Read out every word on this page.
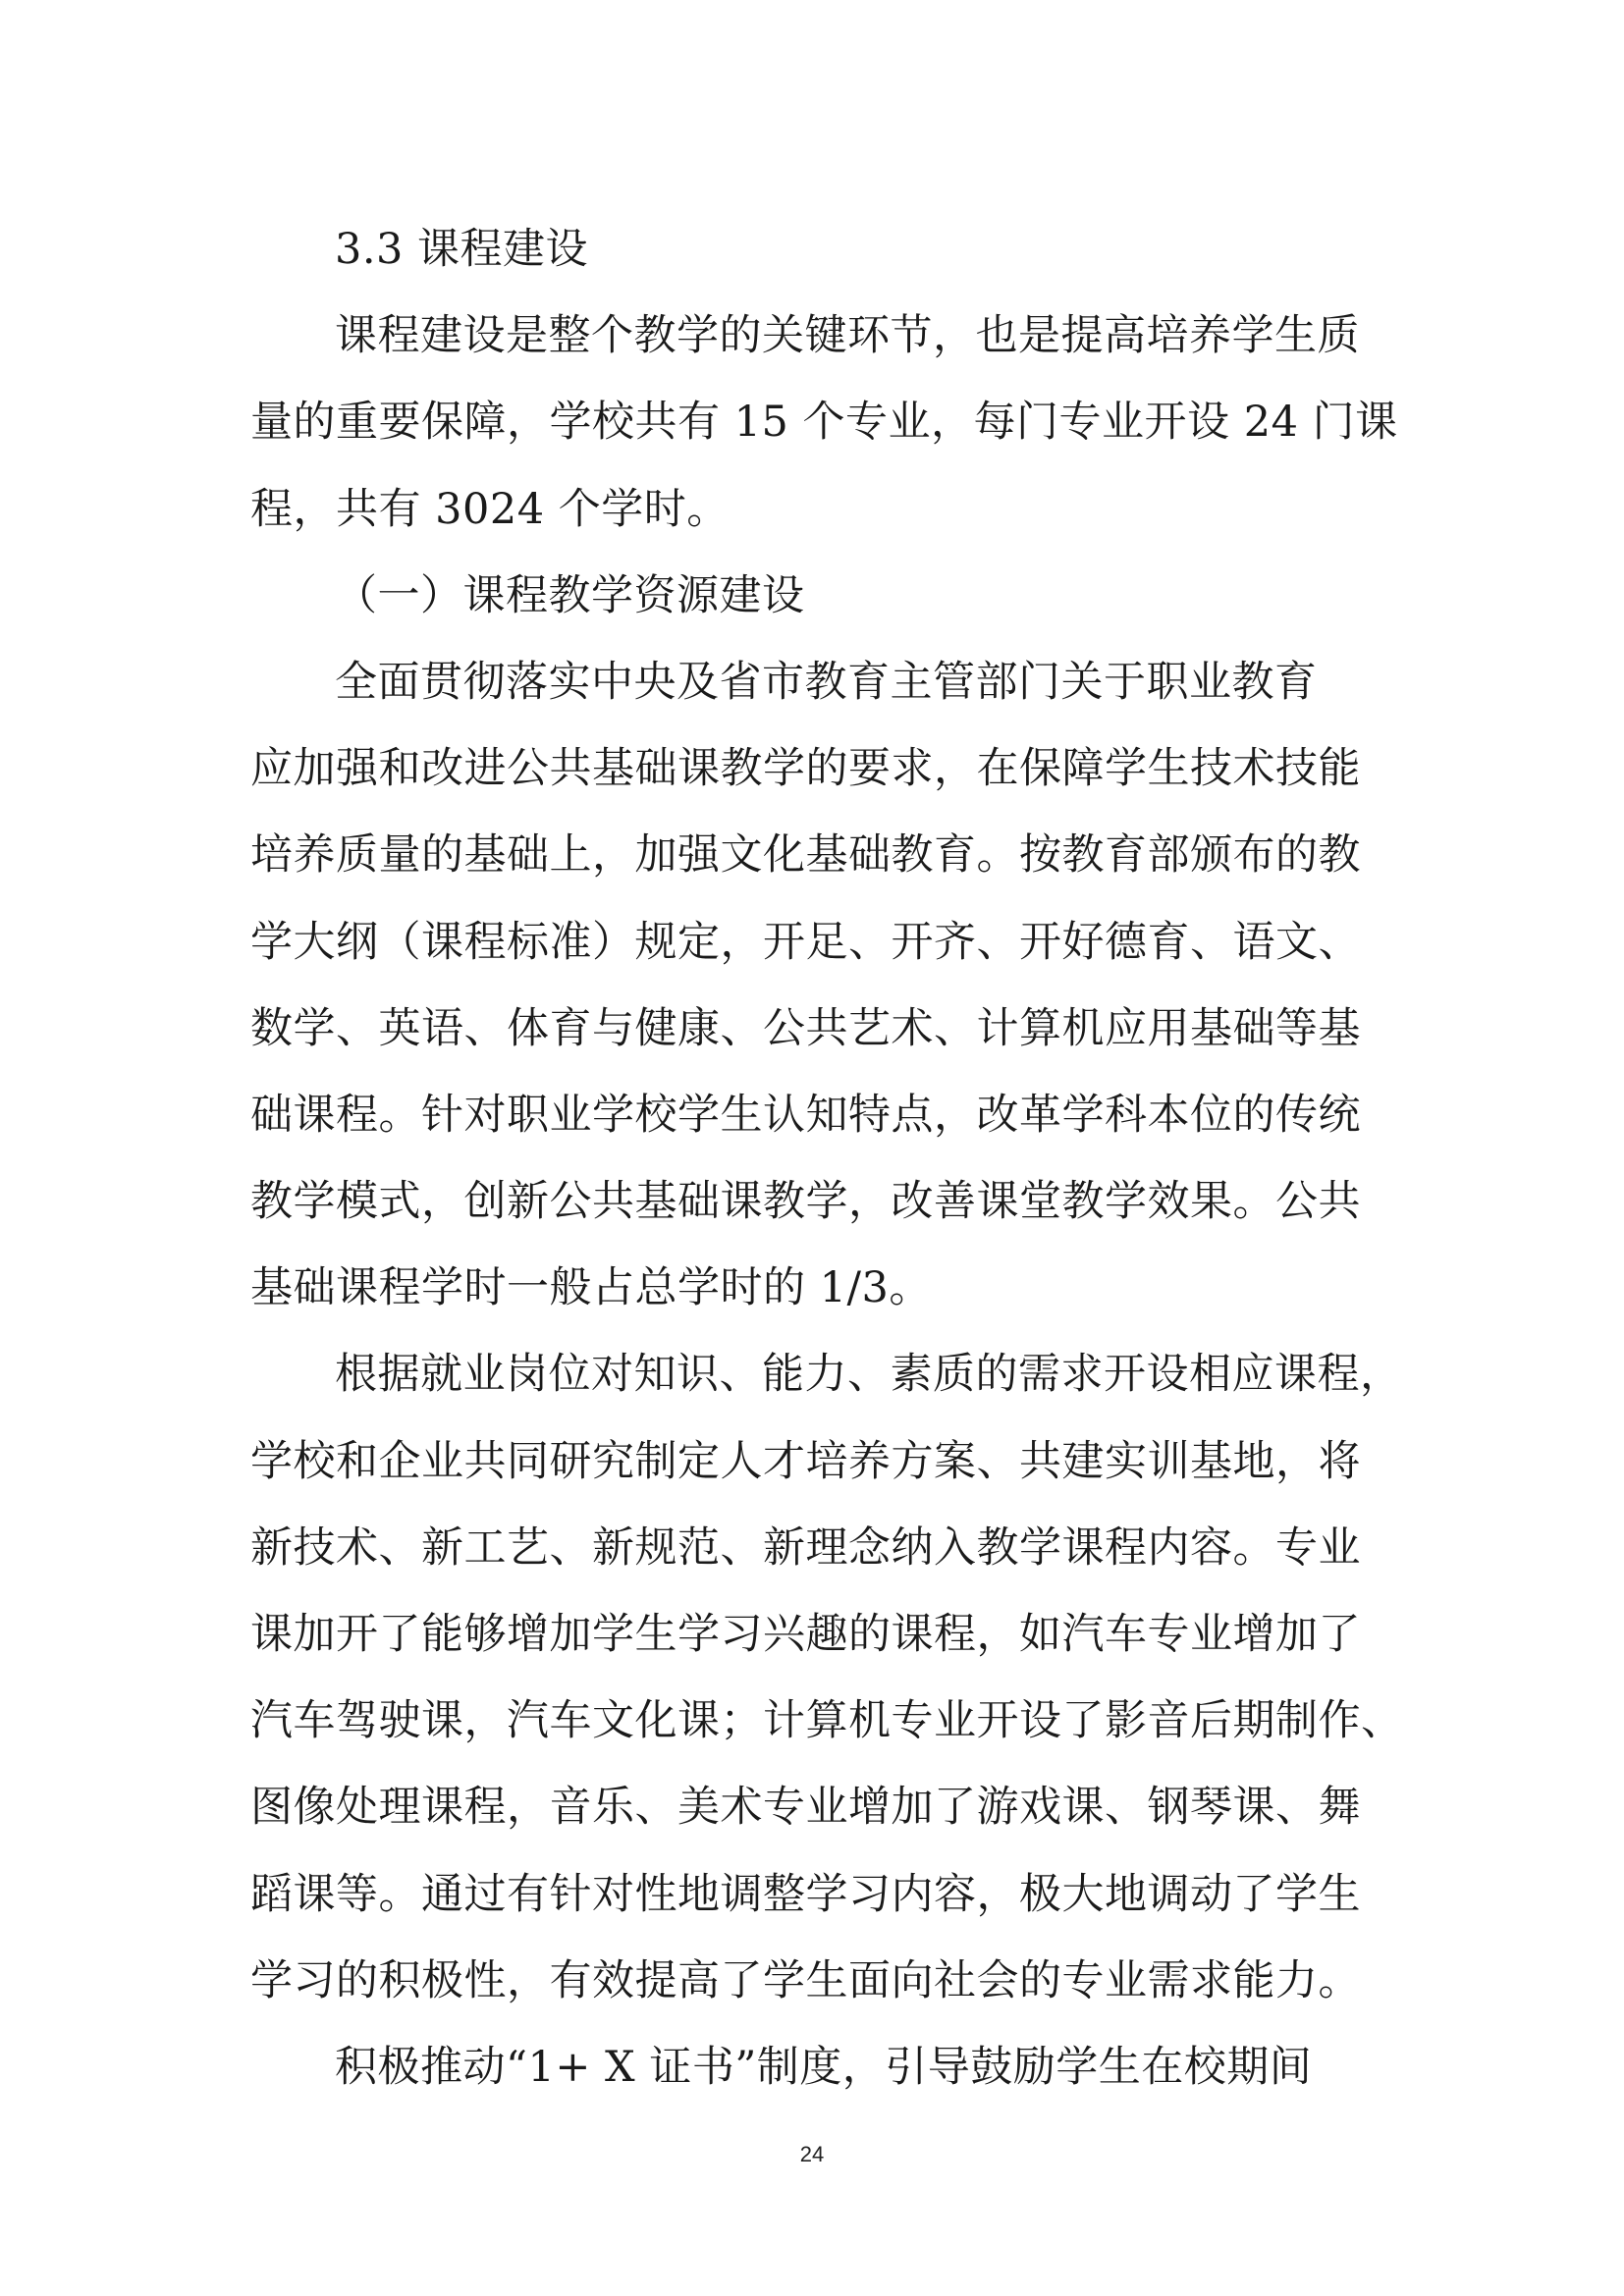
3.3 课程建设
课程建设是整个教学的关键环节，也是提高培养学生质
量的重要保障，学校共有 15 个专业，每门专业开设 24 门课
程，共有 3024 个学时。
（一）课程教学资源建设
全面贯彻落实中央及省市教育主管部门关于职业教育
应加强和改进公共基础课教学的要求，在保障学生技术技能
培养质量的基础上，加强文化基础教育。按教育部颁布的教
学大纲（课程标准）规定，开足、开齐、开好德育、语文、
数学、英语、体育与健康、公共艺术、计算机应用基础等基
础课程。针对职业学校学生认知特点，改革学科本位的传统
教学模式，创新公共基础课教学，改善课堂教学效果。公共
基础课程学时一般占总学时的 1/3。
根据就业岗位对知识、能力、素质的需求开设相应课程，
学校和企业共同研究制定人才培养方案、共建实训基地，将
新技术、新工艺、新规范、新理念纳入教学课程内容。专业
课加开了能够增加学生学习兴趣的课程，如汽车专业增加了
汽车驾驶课，汽车文化课；计算机专业开设了影音后期制作、
图像处理课程，音乐、美术专业增加了游戏课、钢琴课、舞
蹈课等。通过有针对性地调整学习内容，极大地调动了学生
学习的积极性，有效提高了学生面向社会的专业需求能力。
积极推动“1+ X 证书”制度，引导鼓励学生在校期间
24
